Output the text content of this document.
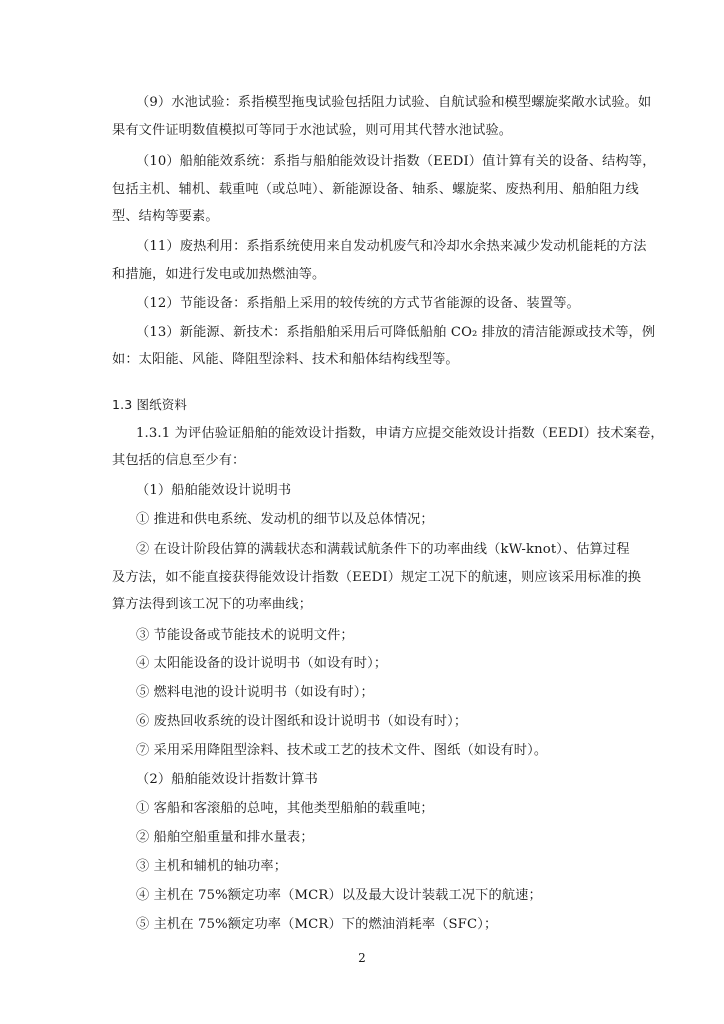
（9）水池试验：系指模型拖曳试验包括阻力试验、自航试验和模型螺旋桨敞水试验。如
果有文件证明数值模拟可等同于水池试验，则可用其代替水池试验。
（10）船舶能效系统：系指与船舶能效设计指数（EEDI）值计算有关的设备、结构等，
包括主机、辅机、载重吨（或总吨）、新能源设备、轴系、螺旋桨、废热利用、船舶阻力线
型、结构等要素。
（11）废热利用：系指系统使用来自发动机废气和冷却水余热来减少发动机能耗的方法
和措施，如进行发电或加热燃油等。
（12）节能设备：系指船上采用的较传统的方式节省能源的设备、装置等。
（13）新能源、新技术：系指船舶采用后可降低船舶 CO₂ 排放的清洁能源或技术等，例
如：太阳能、风能、降阻型涂料、技术和船体结构线型等。
1.3 图纸资料
1.3.1 为评估验证船舶的能效设计指数，申请方应提交能效设计指数（EEDI）技术案卷，
其包括的信息至少有：
（1）船舶能效设计说明书
① 推进和供电系统、发动机的细节以及总体情况；
② 在设计阶段估算的满载状态和满载试航条件下的功率曲线（kW-knot）、估算过程
及方法，如不能直接获得能效设计指数（EEDI）规定工况下的航速，则应该采用标准的换
算方法得到该工况下的功率曲线；
③ 节能设备或节能技术的说明文件；
④ 太阳能设备的设计说明书（如设有时）；
⑤ 燃料电池的设计说明书（如设有时）；
⑥ 废热回收系统的设计图纸和设计说明书（如设有时）；
⑦ 采用采用降阻型涂料、技术或工艺的技术文件、图纸（如设有时）。
（2）船舶能效设计指数计算书
① 客船和客滚船的总吨，其他类型船舶的载重吨；
② 船舶空船重量和排水量表；
③ 主机和辅机的轴功率；
④ 主机在 75%额定功率（MCR）以及最大设计装载工况下的航速；
⑤ 主机在 75%额定功率（MCR）下的燃油消耗率（SFC）；
2
